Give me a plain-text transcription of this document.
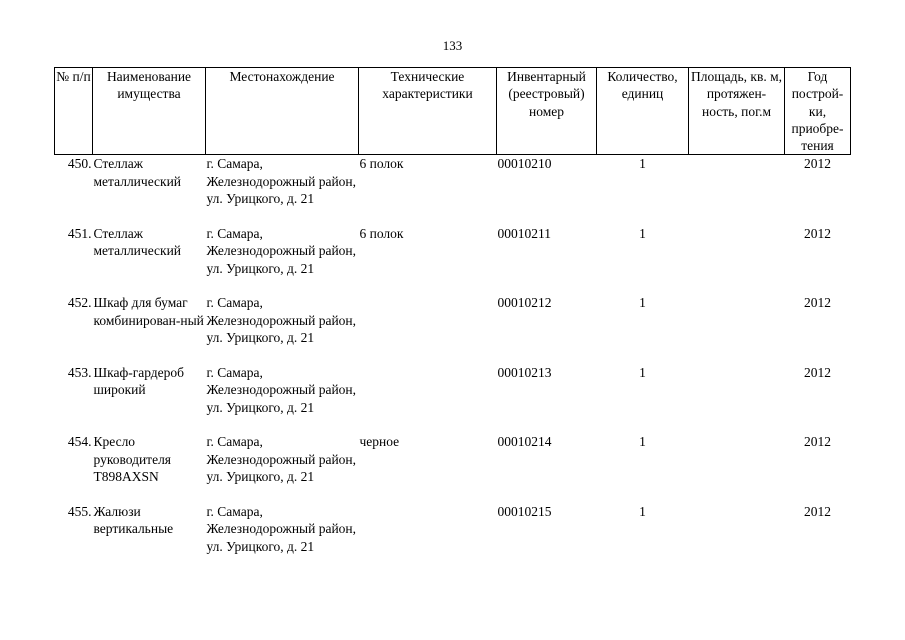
133
№ п/п	Наименование имущества	Местонахождение	Технические характеристики	Инвентарный (реестровый) номер	Количество, единиц	Площадь, кв. м, протяжен-ность, пог.м	Год построй-ки, приобре-тения
450.	Стеллаж металлический	г. Самара, Железнодорожный район, ул. Урицкого, д. 21	6 полок	00010210	1		2012
451.	Стеллаж металлический	г. Самара, Железнодорожный район, ул. Урицкого, д. 21	6 полок	00010211	1		2012
452.	Шкаф для бумаг комбинирован-ный	г. Самара, Железнодорожный район, ул. Урицкого, д. 21		00010212	1		2012
453.	Шкаф-гардероб широкий	г. Самара, Железнодорожный район, ул. Урицкого, д. 21		00010213	1		2012
454.	Кресло руководителя T898AXSN	г. Самара, Железнодорожный район, ул. Урицкого, д. 21	черное	00010214	1		2012
455.	Жалюзи вертикальные	г. Самара, Железнодорожный район, ул. Урицкого, д. 21		00010215	1		2012
